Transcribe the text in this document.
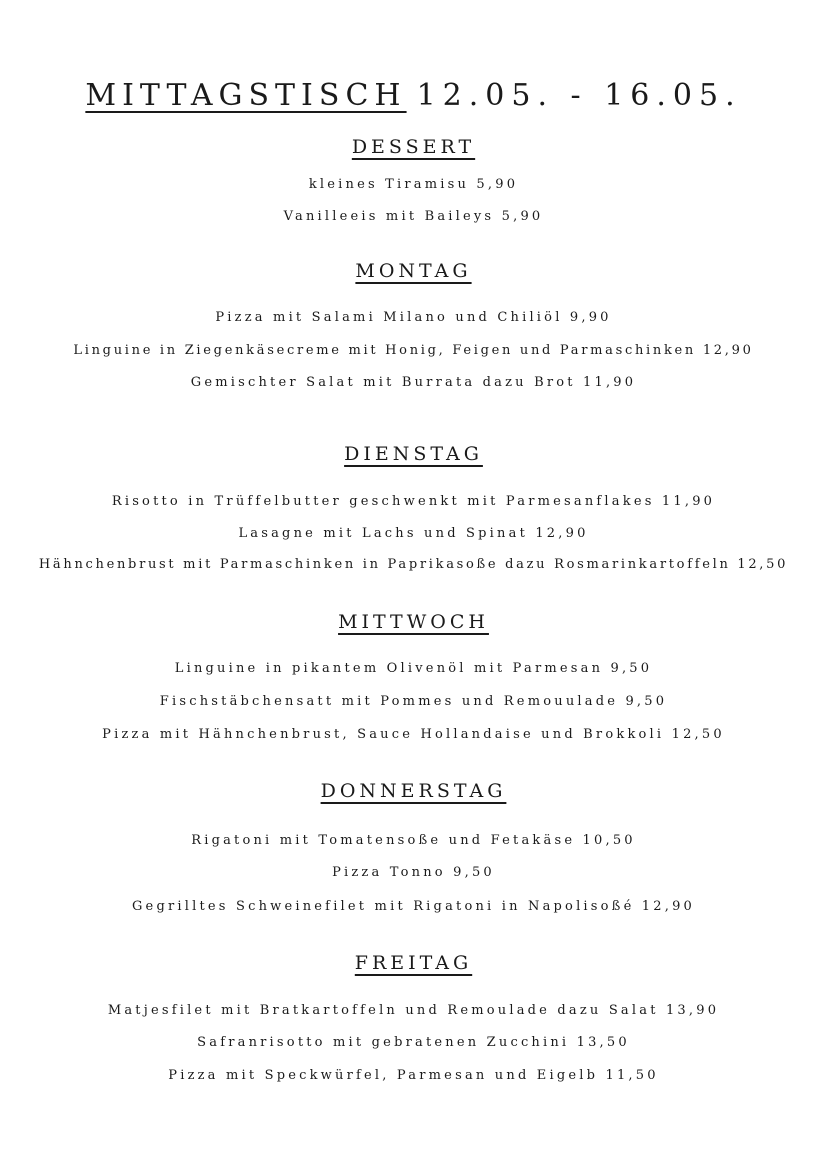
MITTAGSTISCH 12.05. - 16.05.
DESSERT
kleines Tiramisu 5,90
Vanilleeis mit Baileys 5,90
MONTAG
Pizza mit Salami Milano und Chiliöl 9,90
Linguine in Ziegenkäsecreme mit Honig, Feigen und Parmaschinken 12,90
Gemischter Salat mit Burrata dazu Brot 11,90
DIENSTAG
Risotto in Trüffelbutter geschwenkt mit Parmesanflakes 11,90
Lasagne mit Lachs und Spinat 12,90
Hähnchenbrust mit Parmaschinken in Paprikasoße dazu Rosmarinkartoffeln 12,50
MITTWOCH
Linguine in pikantem Olivenöl mit Parmesan 9,50
Fischstäbchensatt mit Pommes und Remouulade 9,50
Pizza mit Hähnchenbrust, Sauce Hollandaise und Brokkoli 12,50
DONNERSTAG
Rigatoni mit Tomatensoße und Fetakäse 10,50
Pizza Tonno 9,50
Gegrilltes Schweinefilet mit Rigatoni in Napolisoßé 12,90
FREITAG
Matjesfilet mit Bratkartoffeln und Remoulade dazu Salat 13,90
Safranrisotto mit gebratenen Zucchini 13,50
Pizza mit Speckwürfel, Parmesan und Eigelb 11,50
